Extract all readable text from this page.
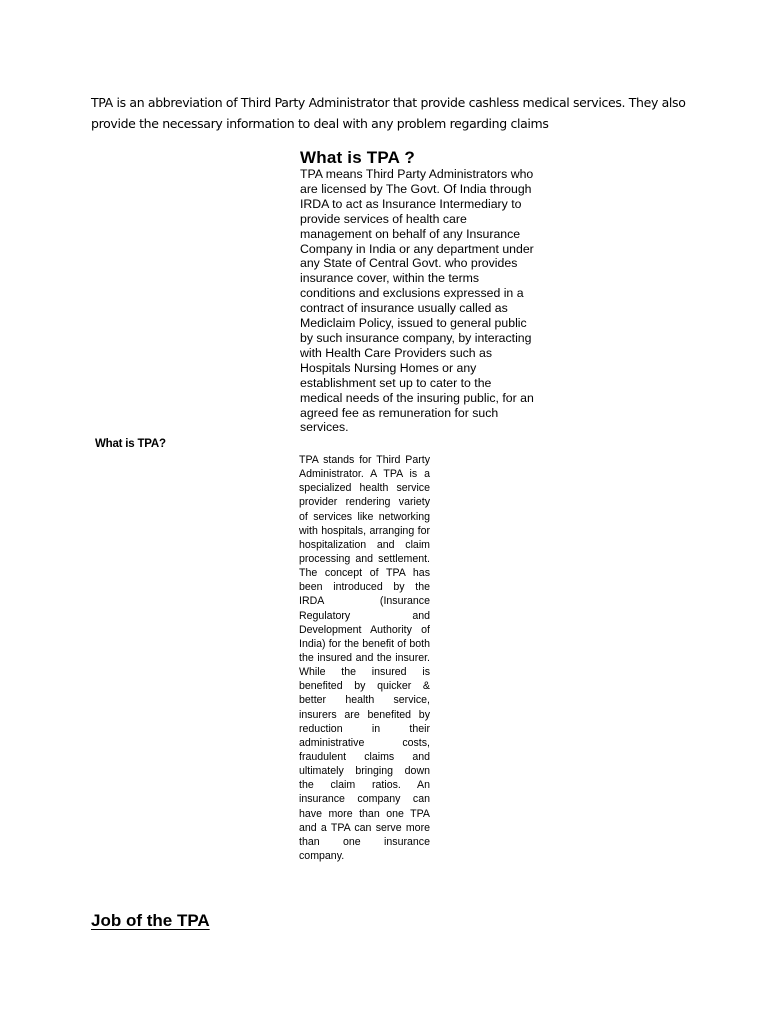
TPA is an abbreviation of Third Party Administrator that provide cashless medical services. They also provide the necessary information to deal with any problem regarding claims

What is TPA ?

TPA means Third Party Administrators who are licensed by The Govt. Of India through IRDA to act as Insurance Intermediary to provide services of health care management on behalf of any Insurance Company in India or any department under any State of Central Govt. who provides insurance cover, within the terms conditions and exclusions expressed in a contract of insurance usually called as Mediclaim Policy, issued to general public by such insurance company, by interacting with Health Care Providers such as Hospitals Nursing Homes or any establishment set up to cater to the medical needs of the insuring public, for an agreed fee as remuneration for such services.

What is TPA?

TPA stands for Third Party Administrator. A TPA is a specialized health service provider rendering variety of services like networking with hospitals, arranging for hospitalization and claim processing and settlement. The concept of TPA has been introduced by the IRDA (Insurance Regulatory and Development Authority of India) for the benefit of both the insured and the insurer. While the insured is benefited by quicker & better health service, insurers are benefited by reduction in their administrative costs, fraudulent claims and ultimately bringing down the claim ratios. An insurance company can have more than one TPA and a TPA can serve more than one insurance company.

Job of the TPA
